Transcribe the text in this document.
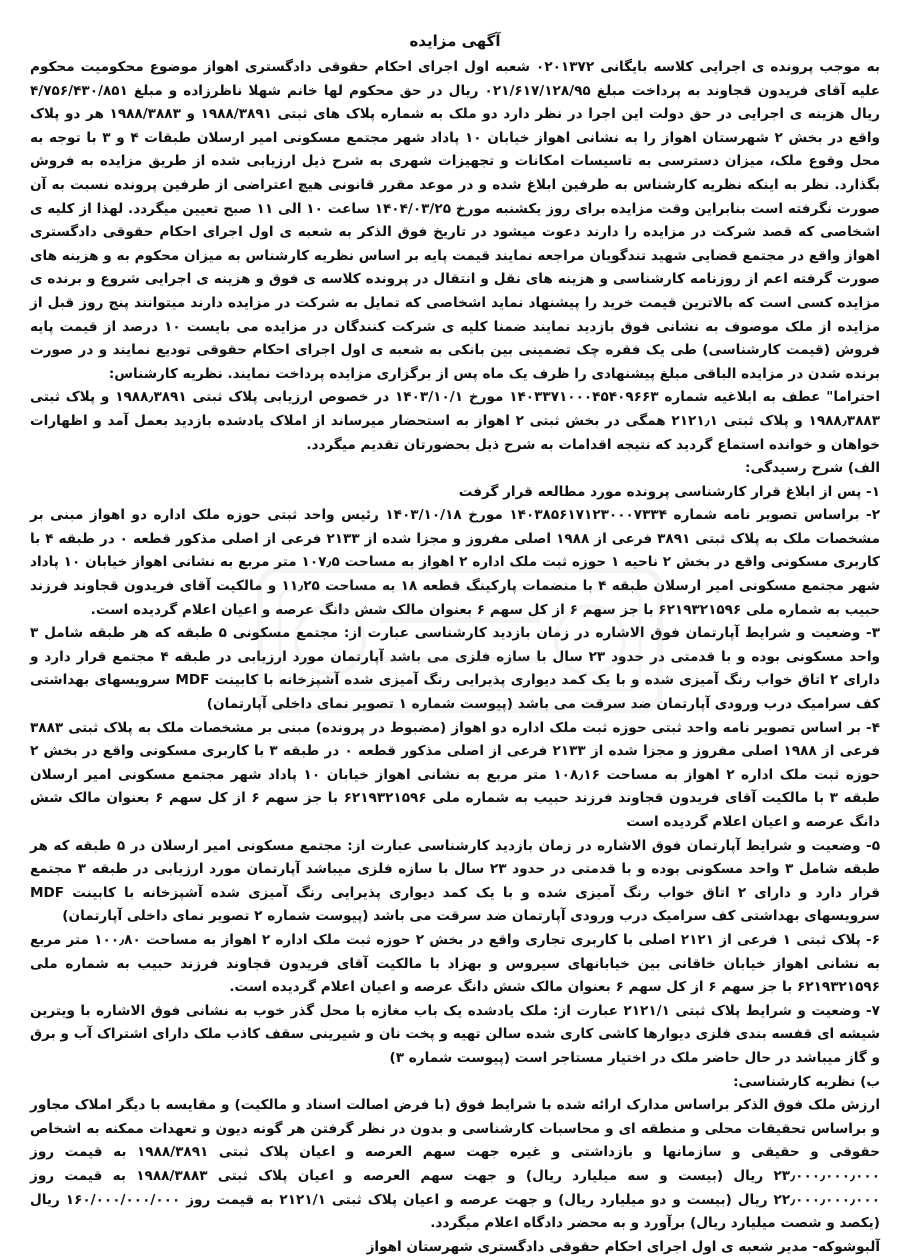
آگهی مزایده

به موجب پرونده ی اجرایی کلاسه بایگانی ۰۲۰۱۳۷۲ شعبه اول اجرای احکام حقوقی دادگستری اهواز موضوع محکومیت محکوم علیه آقای فریدون قجاوند به پرداخت مبلغ ۰۲۱/۶۱۷/۱۲۸/۹۵ ریال در حق محکوم لها خانم شهلا ناظرزاده و مبلغ ۴/۷۵۶/۴۳۰/۸۵۱ ریال هزینه ی اجرایی در حق دولت این اجرا در نظر دارد دو ملک به شماره پلاک های ثبتی ۱۹۸۸/۳۸۹۱ و ۱۹۸۸/۳۸۸۳ هر دو پلاک واقع در بخش ۲ شهرستان اهواز را به نشانی اهواز خیابان ۱۰ پاداد شهر مجتمع مسکونی امیر ارسلان طبقات ۴ و ۳ با توجه به محل وقوع ملک، میزان دسترسی به تاسیسات امکانات و تجهیزات شهری به شرح ذیل ارزیابی شده از طریق مزایده به فروش بگذارد. نظر به اینکه نظریه کارشناس به طرفین ابلاغ شده و در موعد مقرر قانونی هیچ اعتراضی از طرفین پرونده نسبت به آن صورت نگرفته است بنابراین وقت مزایده برای روز یکشنبه مورخ ۱۴۰۴/۰۳/۲۵ ساعت ۱۰ الی ۱۱ صبح تعیین میگردد. لهذا از کلیه ی اشخاصی که قصد شرکت در مزایده را دارند دعوت میشود در تاریخ فوق الذکر به شعبه ی اول اجرای احکام حقوقی دادگستری اهواز واقع در مجتمع قضایی شهید تندگویان مراجعه نمایند قیمت پایه بر اساس نظریه کارشناس به میزان محکوم به و هزینه های صورت گرفته اعم از روزنامه کارشناسی و هزینه های نقل و انتقال در پرونده کلاسه ی فوق و هزینه ی اجرایی شروع و برنده ی مزایده کسی است که بالاترین قیمت خرید را پیشنهاد نماید اشخاصی که تمایل به شرکت در مزایده دارند میتوانند پنج روز قبل از مزایده از ملک موصوف به نشانی فوق بازدید نمایند ضمنا کلیه ی شرکت کنندگان در مزایده می بایست ۱۰ درصد از قیمت پایه فروش (قیمت کارشناسی) طی یک فقره چک تضمینی بین بانکی به شعبه ی اول اجرای احکام حقوقی تودیع نمایند و در صورت برنده شدن در مزایده الباقی مبلغ پیشنهادی را ظرف یک ماه پس از برگزاری مزایده پرداخت نمایند. نظریه کارشناس:

احتراما" عطف به ابلاغیه شماره ۱۴۰۳۳۷۱۰۰۰۴۵۴۰۹۶۶۳ مورخ ۱۴۰۳/۱۰/۱ در خصوص ارزیابی پلاک ثبتی ۱۹۸۸٫۳۸۹۱ و پلاک ثبتی ۱۹۸۸٫۳۸۸۳ و پلاک ثبتی ۲۱۲۱٫۱ همگی در بخش ثبتی ۲ اهواز به استحضار میرساند از املاک یادشده بازدید بعمل آمد و اظهارات خواهان و خوانده استماع گردید که نتیجه اقدامات به شرح ذیل بحضورتان تقدیم میگردد.

الف) شرح رسیدگی:

۱- پس از ابلاغ قرار کارشناسی پرونده مورد مطالعه قرار گرفت

۲- براساس تصویر نامه شماره ۱۴۰۳۸۵۶۱۷۱۲۳۰۰۰۷۳۳۴ مورخ ۱۴۰۳/۱۰/۱۸ رئیس واحد ثبتی حوزه ملک اداره دو اهواز مبنی بر مشخصات ملک به پلاک ثبتی ۳۸۹۱ فرعی از ۱۹۸۸ اصلی مفروز و مجزا شده از ۲۱۳۳ فرعی از اصلی مذکور قطعه ۰ در طبقه ۴ با کاربری مسکونی واقع در بخش ۲ ناحیه ۱ حوزه ثبت ملک اداره ۲ اهواز به مساحت ۱۰۷٫۵ متر مربع به نشانی اهواز خیابان ۱۰ پاداد شهر مجتمع مسکونی امیر ارسلان طبقه ۴ با منضمات پارکینگ قطعه ۱۸ به مساحت ۱۱٫۲۵ و مالکیت آقای فریدون قجاوند فرزند حبیب به شماره ملی ۶۲۱۹۳۲۱۵۹۶ با جز سهم ۶ از کل سهم ۶ بعنوان مالک شش دانگ عرصه و اعیان اعلام گردیده است.

۳- وضعیت و شرایط آپارتمان فوق الاشاره در زمان بازدید کارشناسی عبارت از: مجتمع مسکونی ۵ طبقه که هر طبقه شامل ۳ واحد مسکونی بوده و با قدمتی در حدود ۲۳ سال با سازه فلزی می باشد آپارتمان مورد ارزیابی در طبقه ۴ مجتمع قرار دارد و دارای ۲ اتاق خواب رنگ آمیزی شده و با یک کمد دیواری پذیرایی رنگ آمیزی شده آشپزخانه با کابینت MDF سرویسهای بهداشتی کف سرامیک درب ورودی آپارتمان ضد سرقت می باشد (پیوست شماره ۱ تصویر نمای داخلی آپارتمان)

۴- بر اساس تصویر نامه واحد ثبتی حوزه ثبت ملک اداره دو اهواز (مضبوط در پرونده) مبنی بر مشخصات ملک به پلاک ثبتی ۳۸۸۳ فرعی از ۱۹۸۸ اصلی مفروز و مجزا شده از ۲۱۳۳ فرعی از اصلی مذکور قطعه ۰ در طبقه ۳ با کاربری مسکونی واقع در بخش ۲ حوزه ثبت ملک اداره ۲ اهواز به مساحت ۱۰۸٫۱۶ متر مربع به نشانی اهواز خیابان ۱۰ پاداد شهر مجتمع مسکونی امیر ارسلان طبقه ۳ با مالکیت آقای فریدون قجاوند فرزند حبیب به شماره ملی ۶۲۱۹۳۲۱۵۹۶ با جز سهم ۶ از کل سهم ۶ بعنوان مالک شش دانگ عرصه و اعیان اعلام گردیده است

۵- وضعیت و شرایط آپارتمان فوق الاشاره در زمان بازدید کارشناسی عبارت از: مجتمع مسکونی امیر ارسلان در ۵ طبقه که هر طبقه شامل ۳ واحد مسکونی بوده و با قدمتی در حدود ۲۳ سال با سازه فلزی میباشد آپارتمان مورد ارزیابی در طبقه ۳ مجتمع قرار دارد و دارای ۲ اتاق خواب رنگ آمیزی شده و با یک کمد دیواری پذیرایی رنگ آمیزی شده آشپزخانه با کابینت MDF سرویسهای بهداشتی کف سرامیک درب ورودی آپارتمان ضد سرقت می باشد (پیوست شماره ۲ تصویر نمای داخلی آپارتمان)

۶- پلاک ثبتی ۱ فرعی از ۲۱۲۱ اصلی با کاربری تجاری واقع در بخش ۲ حوزه ثبت ملک اداره ۲ اهواز به مساحت ۱۰۰٫۸۰ متر مربع به نشانی اهواز خیابان خاقانی بین خیابانهای سیروس و بهزاد با مالکیت آقای فریدون قجاوند فرزند حبیب به شماره ملی ۶۲۱۹۳۲۱۵۹۶ با جز سهم ۶ از کل سهم ۶ بعنوان مالک شش دانگ عرصه و اعیان اعلام گردیده است.

۷- وضعیت و شرایط پلاک ثبتی ۲۱۲۱/۱ عبارت از: ملک یادشده یک باب مغازه با محل گذر خوب به نشانی فوق الاشاره با ویترین شیشه ای قفسه بندی فلزی دیوارها کاشی کاری شده سالن تهیه و پخت نان و شیرینی سقف کاذب ملک دارای اشتراک آب و برق و گاز میباشد در حال حاضر ملک در اختیار مستاجر است (پیوست شماره ۳)

ب) نظریه کارشناسی:

ارزش ملک فوق الذکر براساس مدارک ارائه شده با شرایط فوق (با فرض اصالت اسناد و مالکیت) و مقایسه با دیگر املاک مجاور و براساس تحقیقات محلی و منطقه ای و محاسبات کارشناسی و بدون در نظر گرفتن هر گونه دیون و تعهدات ممکنه به اشخاص حقوقی و حقیقی و سازمانها و بازداشتی و غیره جهت سهم العرصه و اعیان پلاک ثبتی ۱۹۸۸/۳۸۹۱ به قیمت روز ۲۳٫۰۰۰٫۰۰۰٫۰۰۰ ریال (بیست و سه میلیارد ریال) و جهت سهم العرصه و اعیان پلاک ثبتی ۱۹۸۸/۳۸۸۳ به قیمت روز ۲۲٫۰۰۰٫۰۰۰٫۰۰۰ ریال (بیست و دو میلیارد ریال) و جهت عرصه و اعیان پلاک ثبتی ۲۱۲۱/۱ به قیمت روز ۱۶۰/۰۰۰/۰۰۰/۰۰۰ ریال (یکصد و شصت میلیارد ریال) برآورد و به محضر دادگاه اعلام میگردد.

آلبوشوکه- مدیر شعبه ی اول اجرای احکام حقوقی دادگستری شهرستان اهواز
